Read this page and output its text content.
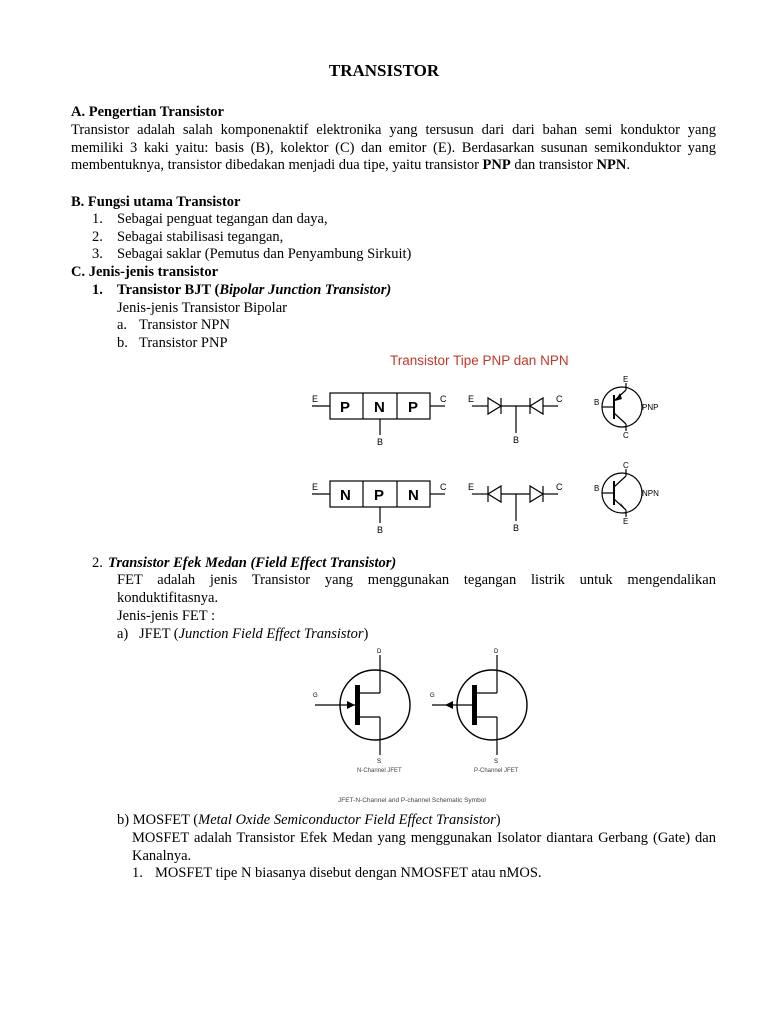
TRANSISTOR
A. Pengertian Transistor
Transistor adalah salah komponenaktif elektronika yang tersusun dari dari bahan semi konduktor yang memiliki 3 kaki yaitu: basis (B), kolektor (C) dan emitor (E). Berdasarkan susunan semikonduktor yang membentuknya, transistor dibedakan menjadi dua tipe, yaitu transistor PNP dan transistor NPN.
B. Fungsi utama Transistor
1. Sebagai penguat tegangan dan daya,
2. Sebagai stabilisasi tegangan,
3. Sebagai saklar (Pemutus dan Penyambung Sirkuit)
C. Jenis-jenis transistor
1. Transistor BJT (Bipolar Junction Transistor)
Jenis-jenis Transistor Bipolar
a. Transistor NPN
b. Transistor PNP
Transistor Tipe PNP dan NPN
P N P
E	C
B
E	C
B
B
E
C
PNP
N P N
E	C
B
E	C
B
B
C
E
NPN
2. Transistor Efek Medan (Field Effect Transistor)
FET adalah jenis Transistor yang menggunakan tegangan listrik untuk mengendalikan konduktifitasnya.
Jenis-jenis FET :
a) JFET (Junction Field Effect Transistor)
D
G
S
N-Channel JFET
D
G
S
P-Channel JFET
JFET-N-Channel and P-channel Schematic Symbol
b) MOSFET (Metal Oxide Semiconductor Field Effect Transistor)
MOSFET adalah Transistor Efek Medan yang menggunakan Isolator diantara Gerbang (Gate) dan Kanalnya.
1. MOSFET tipe N biasanya disebut dengan NMOSFET atau nMOS.
